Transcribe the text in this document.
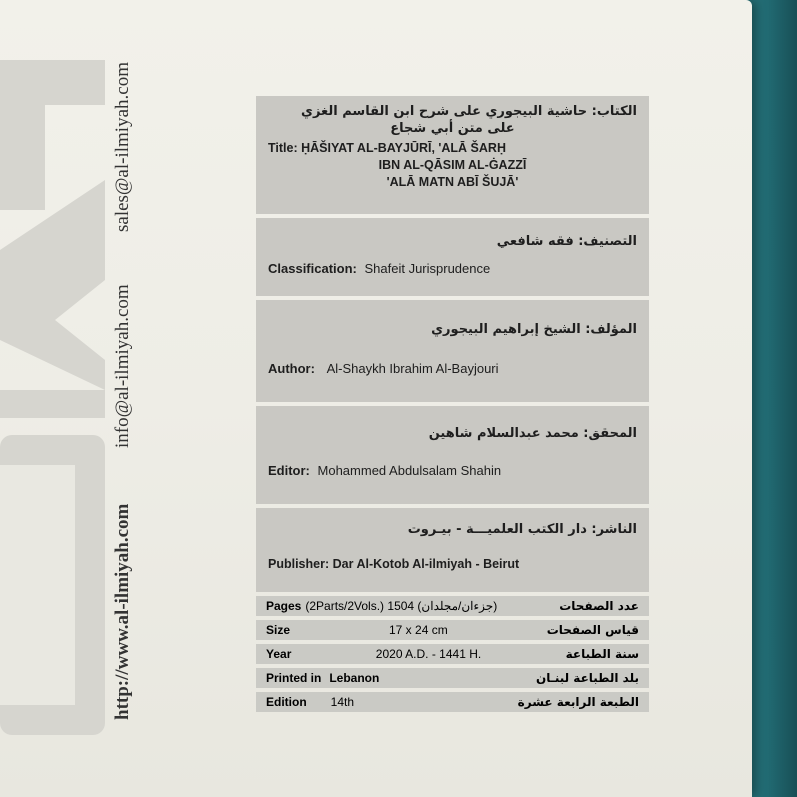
http://www.al-ilmiyah.com
info@al-ilmiyah.com
sales@al-ilmiyah.com	الكتاب: حاشية البيجوري على شرح ابن القاسم الغزي
على متن أبي شجاع
Title: ḤĀŠIYAT AL-BAYJŪRĪ, 'ALĀ ŠARḤ
IBN AL-QĀSIM AL-ĠAZZĪ
'ALĀ MATN ABĪ ŠUJĀ'
التصنيف: فقه شافعي
Classification: Shafeit Jurisprudence
المؤلف: الشيخ إبراهيم البيجوري
Author: Al-Shaykh Ibrahim Al-Bayjouri
المحقق: محمد عبدالسلام شاهين
Editor: Mohammed Abdulsalam Shahin
الناشر: دار الكتب العلميـــة - بيـروت
Publisher: Dar Al-Kotob Al-ilmiyah - Beirut
Pages (2Parts/2Vols.) 1504 (جزءان/مجلدان)	عدد الصفحات
Size	17 x 24 cm	قياس الصفحات
Year	2020 A.D. - 1441 H.	سنة الطباعة
Printed in Lebanon	بلد الطباعة لبنـان
Edition 14th	الطبعة الرابعة عشرة
